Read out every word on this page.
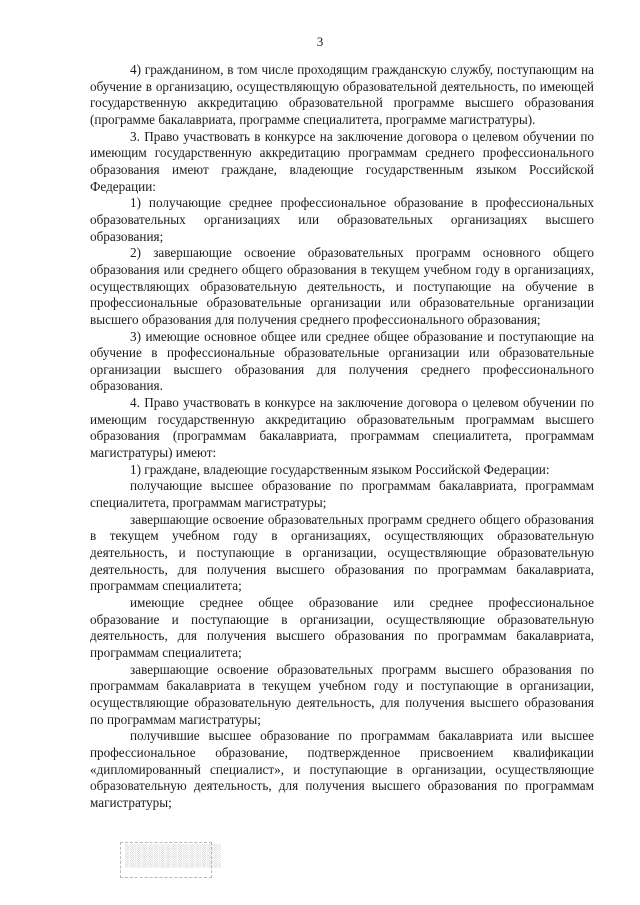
3

4) гражданином, в том числе проходящим гражданскую службу, поступающим на обучение в организацию, осуществляющую образовательной деятельность, по имеющей государственную аккредитацию образовательной программе высшего образования (программе бакалавриата, программе специалитета, программе магистратуры).

3. Право участвовать в конкурсе на заключение договора о целевом обучении по имеющим государственную аккредитацию программам среднего профессионального образования имеют граждане, владеющие государственным языком Российской Федерации:

1) получающие среднее профессиональное образование в профессиональных образовательных организациях или образовательных организациях высшего образования;

2) завершающие освоение образовательных программ основного общего образования или среднего общего образования в текущем учебном году в организациях, осуществляющих образовательную деятельность, и поступающие на обучение в профессиональные образовательные организации или образовательные организации высшего образования для получения среднего профессионального образования;

3) имеющие основное общее или среднее общее образование и поступающие на обучение в профессиональные образовательные организации или образовательные организации высшего образования для получения среднего профессионального образования.

4. Право участвовать в конкурсе на заключение договора о целевом обучении по имеющим государственную аккредитацию образовательным программам высшего образования (программам бакалавриата, программам специалитета, программам магистратуры) имеют:

1) граждане, владеющие государственным языком Российской Федерации:

получающие высшее образование по программам бакалавриата, программам специалитета, программам магистратуры;

завершающие освоение образовательных программ среднего общего образования в текущем учебном году в организациях, осуществляющих образовательную деятельность, и поступающие в организации, осуществляющие образовательную деятельность, для получения высшего образования по программам бакалавриата, программам специалитета;

имеющие среднее общее образование или среднее профессиональное образование и поступающие в организации, осуществляющие образовательную деятельность, для получения высшего образования по программам бакалавриата, программам специалитета;

завершающие освоение образовательных программ высшего образования по программам бакалавриата в текущем учебном году и поступающие в организации, осуществляющие образовательную деятельность, для получения высшего образования по программам магистратуры;

получившие высшее образование по программам бакалавриата или высшее профессиональное образование, подтвержденное присвоением квалификации «дипломированный специалист», и поступающие в организации, осуществляющие образовательную деятельность, для получения высшего образования по программам магистратуры;

░░░░░░░░░░░░░░░░░░░░
░░░░░░░░░░░░░░░░░░░░
░░░░░░░░░░░░░░░░░░░░
